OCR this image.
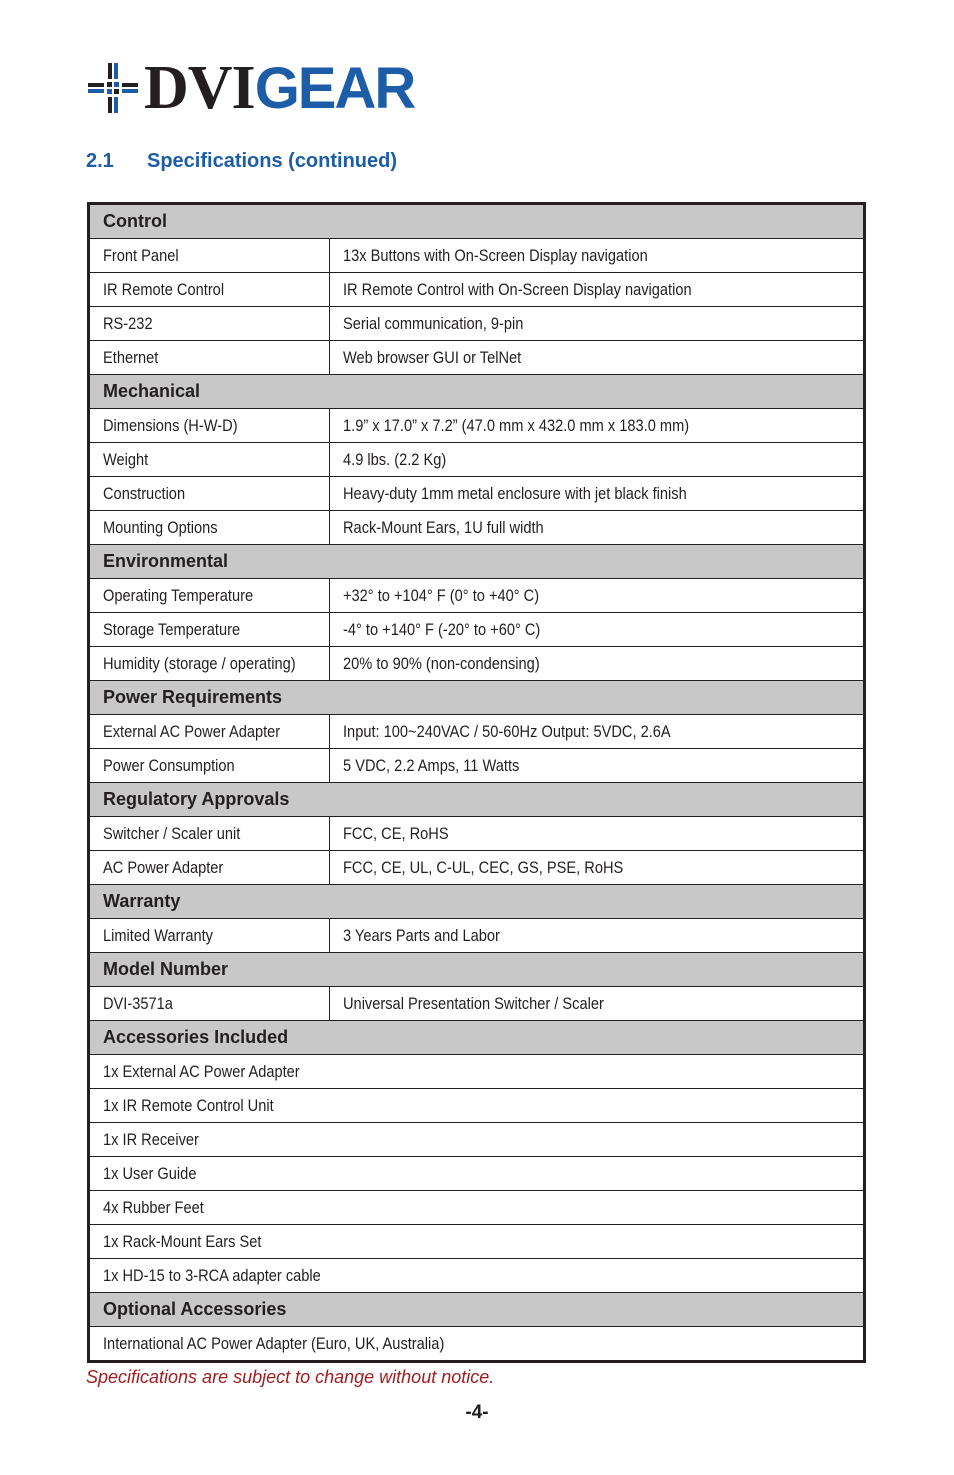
DVIGEAR
2.1 Specifications (continued)
Control	
Front Panel	13x Buttons with On-Screen Display navigation
IR Remote Control	IR Remote Control with On-Screen Display navigation
RS-232	Serial communication, 9-pin
Ethernet	Web browser GUI or TelNet
Mechanical	
Dimensions (H-W-D)	1.9” x 17.0” x 7.2” (47.0 mm x 432.0 mm x 183.0 mm)
Weight	4.9 lbs. (2.2 Kg)
Construction	Heavy-duty 1mm metal enclosure with jet black finish
Mounting Options	Rack-Mount Ears, 1U full width
Environmental	
Operating Temperature	+32° to +104° F (0° to +40° C)
Storage Temperature	-4° to +140° F (-20° to +60° C)
Humidity (storage / operating)	20% to 90% (non-condensing)
Power Requirements	
External AC Power Adapter	Input: 100~240VAC / 50-60Hz Output: 5VDC, 2.6A
Power Consumption	5 VDC, 2.2 Amps, 11 Watts
Regulatory Approvals	
Switcher / Scaler unit	FCC, CE, RoHS
AC Power Adapter	FCC, CE, UL, C-UL, CEC, GS, PSE, RoHS
Warranty	
Limited Warranty	3 Years Parts and Labor
Model Number	
DVI-3571a	Universal Presentation Switcher / Scaler
Accessories Included	
1x External AC Power Adapter	
1x IR Remote Control Unit	
1x IR Receiver	
1x User Guide	
4x Rubber Feet	
1x Rack-Mount Ears Set	
1x HD-15 to 3-RCA adapter cable	
Optional Accessories	
International AC Power Adapter (Euro, UK, Australia)	
Specifications are subject to change without notice.
-4-
